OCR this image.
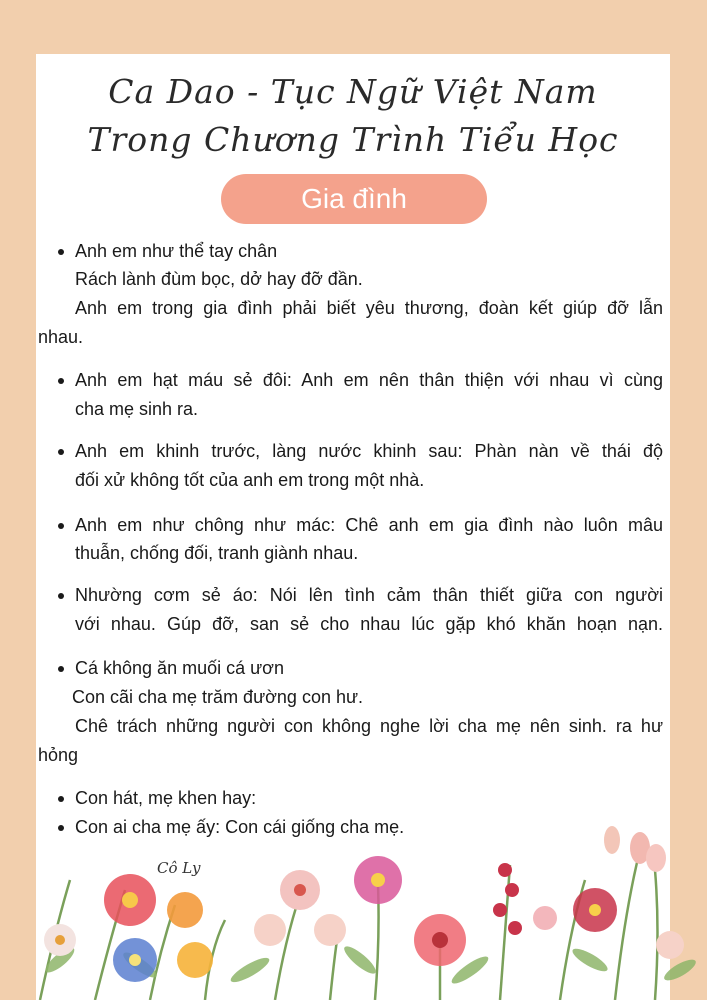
Ca Dao - Tục Ngữ Việt Nam
Trong Chương Trình Tiểu Học
Gia đình
Anh em như thể tay chân
Rách lành đùm bọc, dở hay đỡ đần.
Anh em trong gia đình phải biết yêu thương, đoàn kết giúp đỡ lẫn
nhau.
Anh em hạt máu sẻ đôi: Anh em nên thân thiện với nhau vì cùng
cha mẹ sinh ra.
Anh em khinh trước, làng nước khinh sau: Phàn nàn về thái độ
đối xử không tốt của anh em trong một nhà.
Anh em như chông như mác: Chê anh em gia đình nào luôn mâu
thuẫn, chống đối, tranh giành nhau.
Nhường cơm sẻ áo: Nói lên tình cảm thân thiết giữa con người
với nhau. Gúp đỡ, san sẻ cho nhau lúc gặp khó khăn hoạn nạn.
Cá không ăn muối cá ươn
Con cãi cha mẹ trăm đường con hư.
Chê trách những người con không nghe lời cha mẹ nên sinh. ra hư
hỏng
Con hát, mẹ khen hay:
Con ai cha mẹ ấy: Con cái giống cha mẹ.
Cô Ly
